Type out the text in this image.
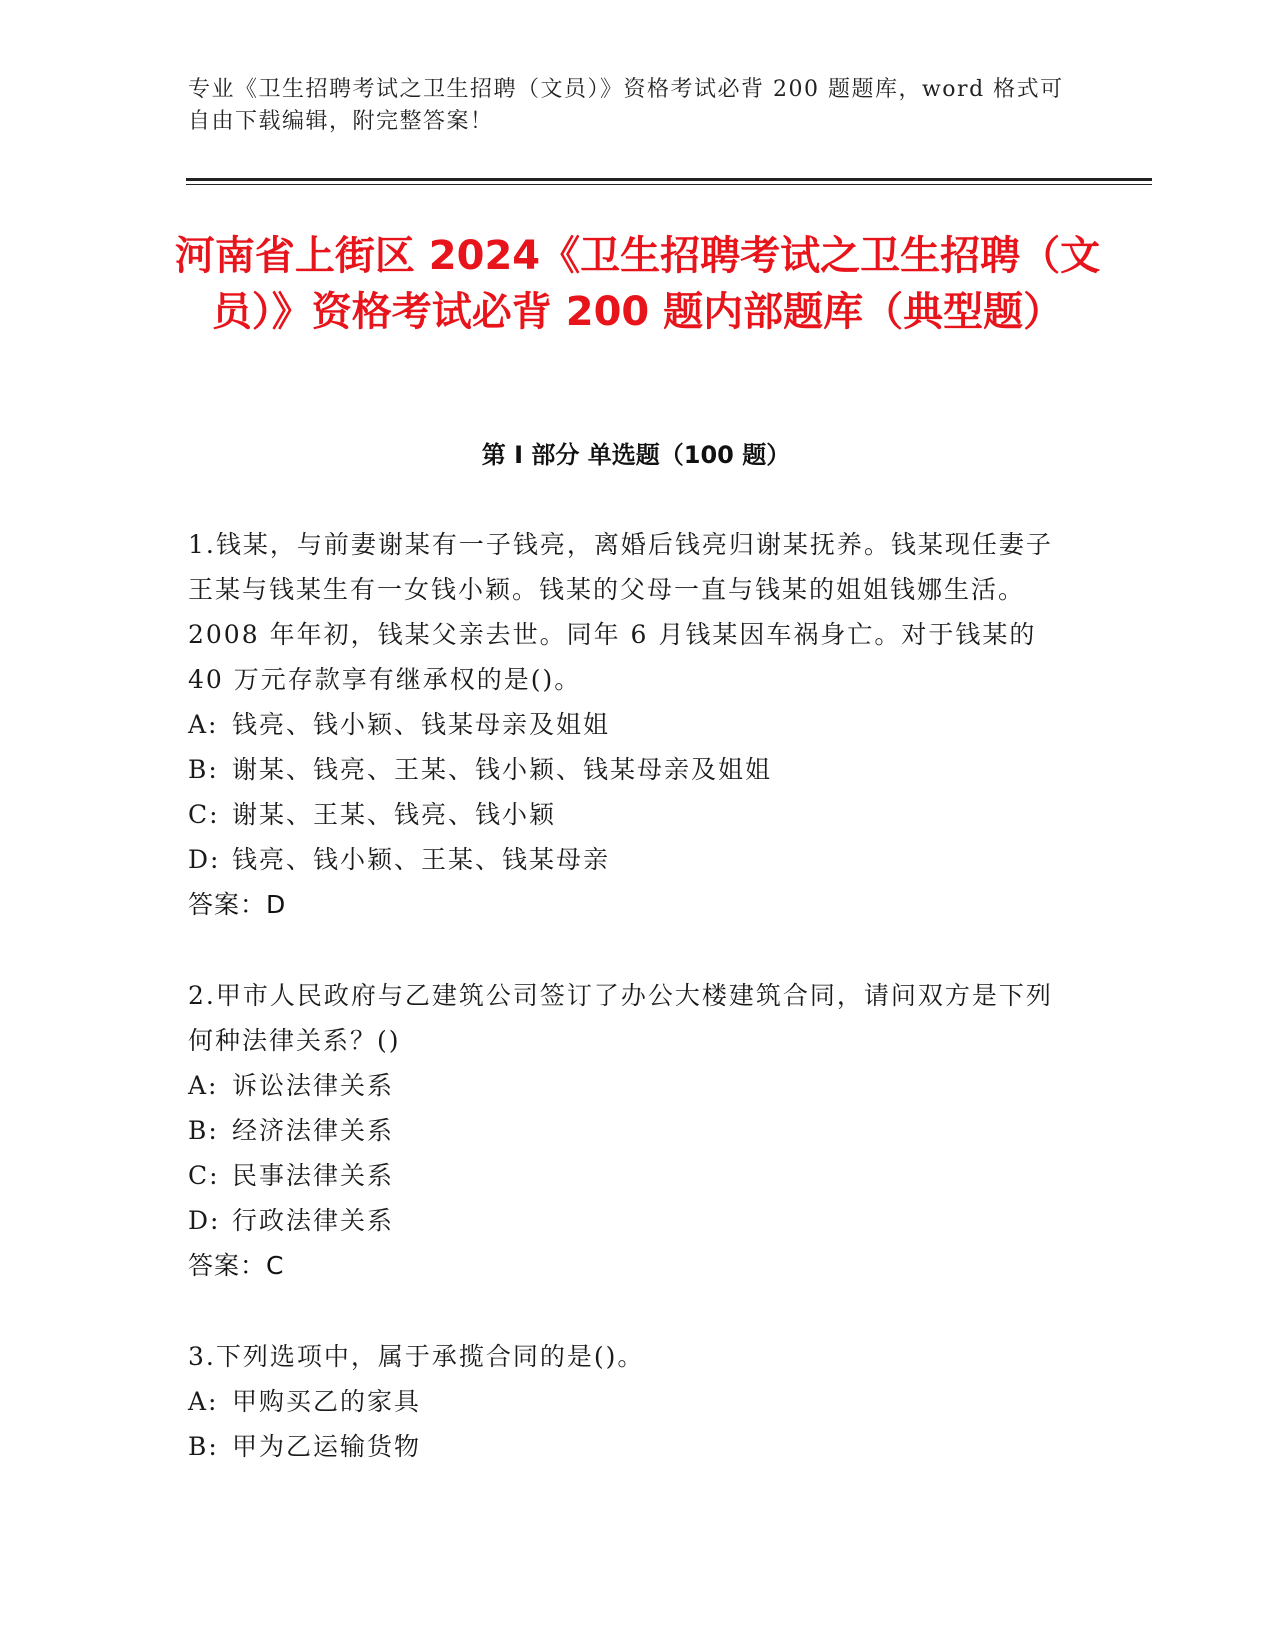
专业《卫生招聘考试之卫生招聘（文员）》资格考试必背 200 题题库，word 格式可自由下载编辑，附完整答案！
河南省上街区 2024《卫生招聘考试之卫生招聘（文员）》资格考试必背 200 题内部题库（典型题）
第 I 部分 单选题（100 题）
1.钱某，与前妻谢某有一子钱亮，离婚后钱亮归谢某抚养。钱某现任妻子王某与钱某生有一女钱小颖。钱某的父母一直与钱某的姐姐钱娜生活。2008 年年初，钱某父亲去世。同年 6 月钱某因车祸身亡。对于钱某的 40 万元存款享有继承权的是()。
A: 钱亮、钱小颖、钱某母亲及姐姐
B: 谢某、钱亮、王某、钱小颖、钱某母亲及姐姐
C: 谢某、王某、钱亮、钱小颖
D: 钱亮、钱小颖、王某、钱某母亲
答案：D
2.甲市人民政府与乙建筑公司签订了办公大楼建筑合同，请问双方是下列何种法律关系？()
A: 诉讼法律关系
B: 经济法律关系
C: 民事法律关系
D: 行政法律关系
答案：C
3.下列选项中，属于承揽合同的是()。
A: 甲购买乙的家具
B: 甲为乙运输货物
